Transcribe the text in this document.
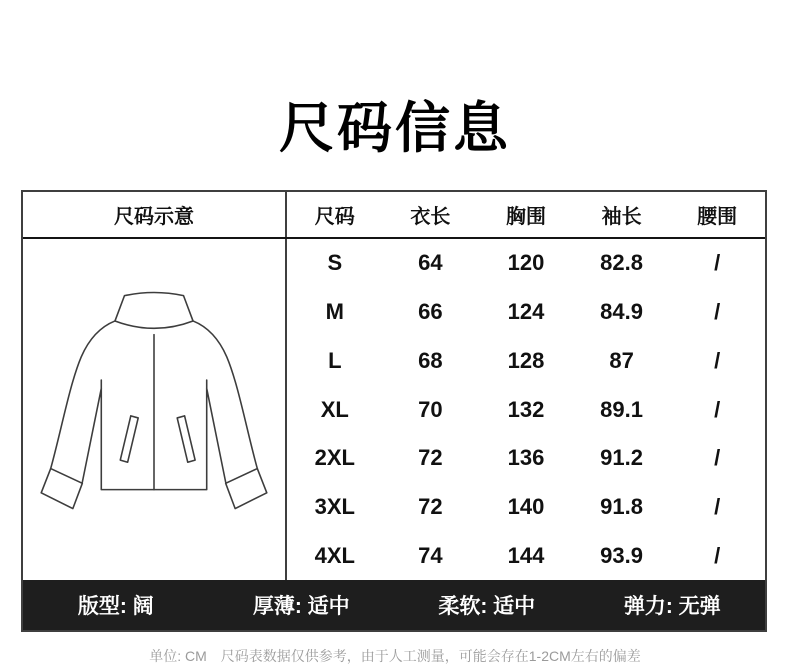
尺码信息
尺码示意	尺码	衣长	胸围	袖长	腰围
S	64	120	82.8	/
M	66	124	84.9	/
L	68	128	87	/
XL	70	132	89.1	/
2XL	72	136	91.2	/
3XL	72	140	91.8	/
4XL	74	144	93.9	/
版型: 阔	厚薄: 适中	柔软: 适中	弹力: 无弹
单位: CM　尺码表数据仅供参考，由于人工测量，可能会存在1-2CM左右的偏差
